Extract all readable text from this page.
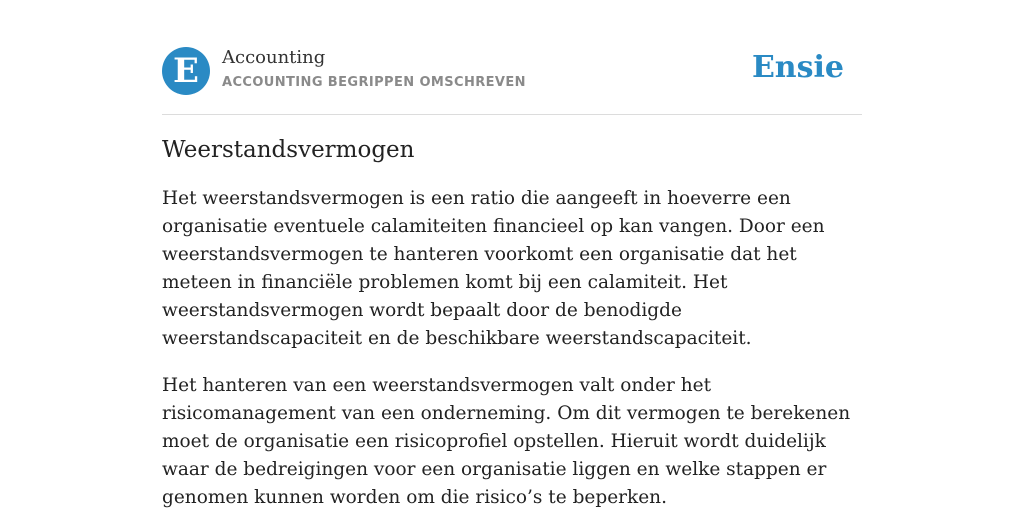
E	Accounting
ACCOUNTING BEGRIPPEN OMSCHREVEN	Ensie
Weerstandsvermogen

Het weerstandsvermogen is een ratio die aangeeft in hoeverre een organisatie eventuele calamiteiten financieel op kan vangen. Door een weerstandsvermogen te hanteren voorkomt een organisatie dat het meteen in financiële problemen komt bij een calamiteit. Het weerstandsvermogen wordt bepaalt door de benodigde weerstandscapaciteit en de beschikbare weerstandscapaciteit.

Het hanteren van een weerstandsvermogen valt onder het risicomanagement van een onderneming. Om dit vermogen te berekenen moet de organisatie een risicoprofiel opstellen. Hieruit wordt duidelijk waar de bedreigingen voor een organisatie liggen en welke stappen er genomen kunnen worden om die risico’s te beperken.
